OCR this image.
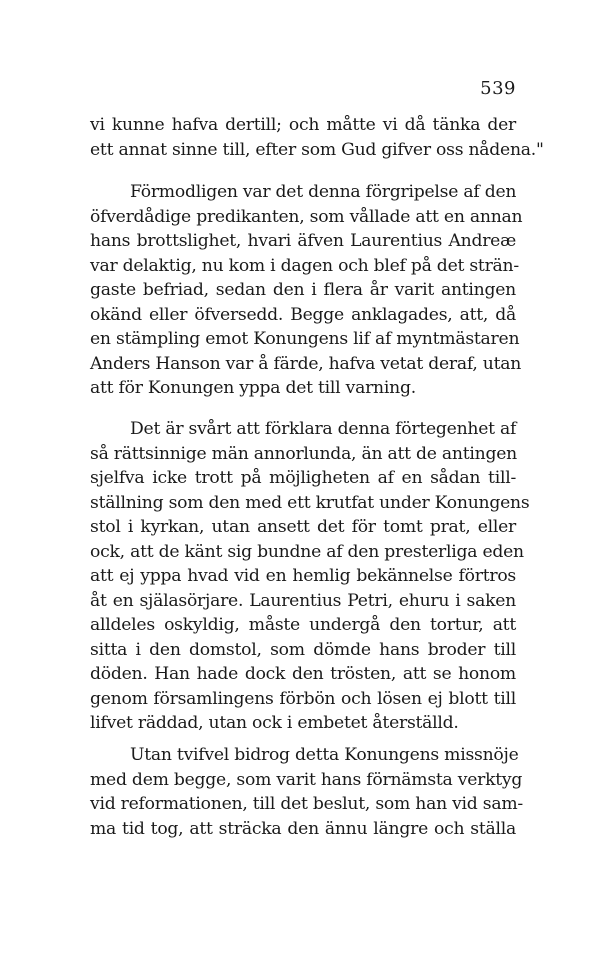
539
vi kunne hafva dertill; och måtte vi då tänka der
ett annat sinne till, efter som Gud gifver oss nådena."
Förmodligen var det denna förgripelse af den
öfverdådige predikanten, som vållade att en annan
hans brottslighet, hvari äfven Laurentius Andreæ
var delaktig, nu kom i dagen och blef på det strän-
gaste befriad, sedan den i flera år varit antingen
okänd eller öfversedd. Begge anklagades, att, då
en stämpling emot Konungens lif af myntmästaren
Anders Hanson var å färde, hafva vetat deraf, utan
att för Konungen yppa det till varning.
Det är svårt att förklara denna förtegenhet af
så rättsinnige män annorlunda, än att de antingen
sjelfva icke trott på möjligheten af en sådan till-
ställning som den med ett krutfat under Konungens
stol i kyrkan, utan ansett det för tomt prat, eller
ock, att de känt sig bundne af den presterliga eden
att ej yppa hvad vid en hemlig bekännelse förtros
åt en själasörjare. Laurentius Petri, ehuru i saken
alldeles oskyldig, måste undergå den tortur, att
sitta i den domstol, som dömde hans broder till
döden. Han hade dock den trösten, att se honom
genom församlingens förbön och lösen ej blott till
lifvet räddad, utan ock i embetet återställd.
Utan tvifvel bidrog detta Konungens missnöje
med dem begge, som varit hans förnämsta verktyg
vid reformationen, till det beslut, som han vid sam-
ma tid tog, att sträcka den ännu längre och ställa
